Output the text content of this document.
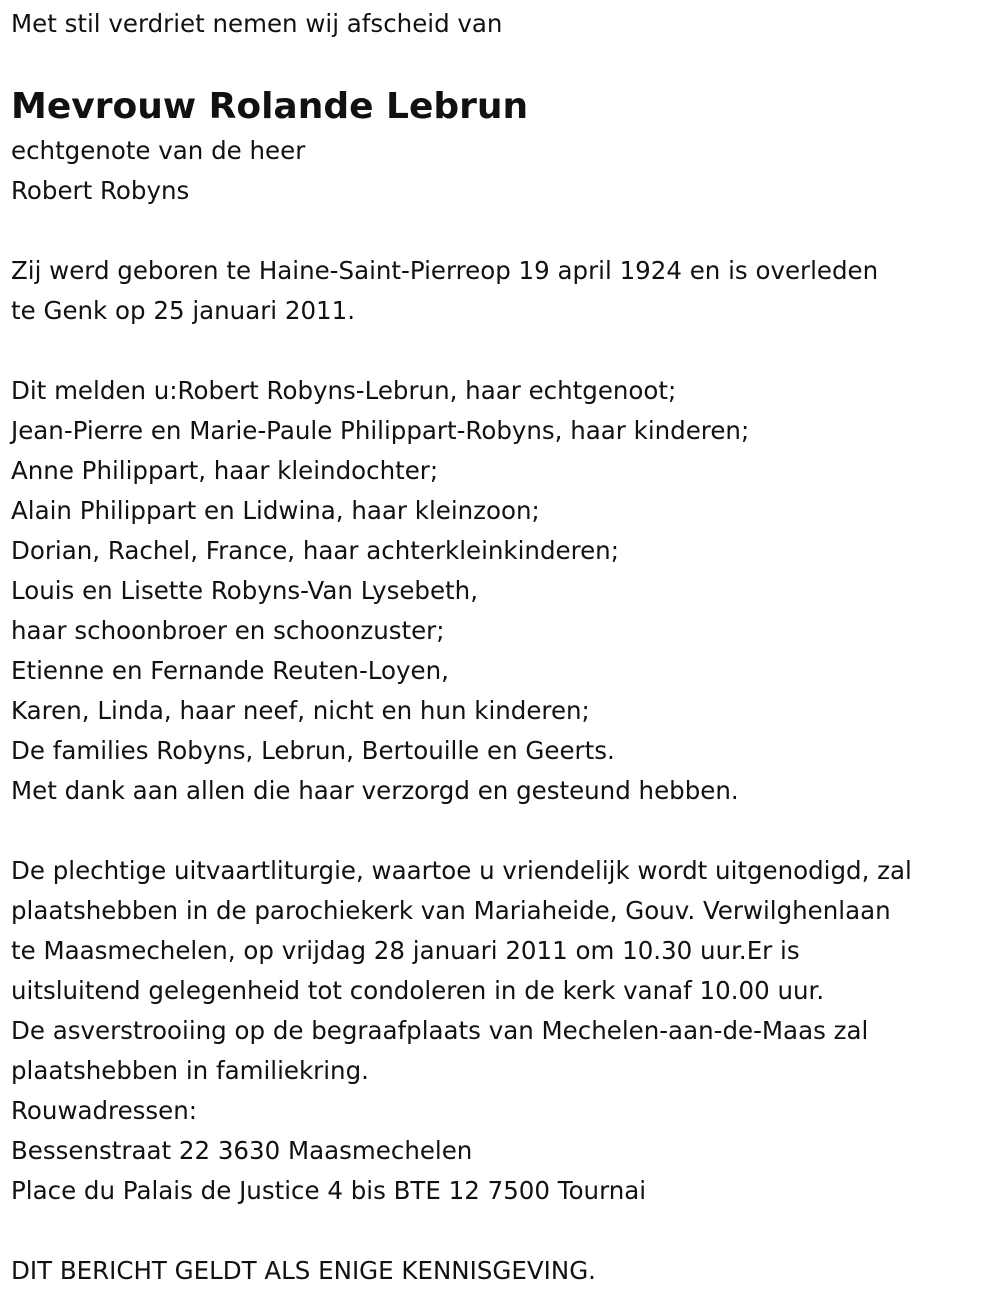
Met stil verdriet nemen wij afscheid van
Mevrouw Rolande Lebrun
echtgenote van de heer
Robert Robyns
Zij werd geboren te Haine-Saint-Pierreop 19 april 1924 en is overleden
te Genk op 25 januari 2011.
Dit melden u:Robert Robyns-Lebrun, haar echtgenoot;
Jean-Pierre en Marie-Paule Philippart-Robyns, haar kinderen;
Anne Philippart, haar kleindochter;
Alain Philippart en Lidwina, haar kleinzoon;
Dorian, Rachel, France, haar achterkleinkinderen;
Louis en Lisette Robyns-Van Lysebeth,
haar schoonbroer en schoonzuster;
Etienne en Fernande Reuten-Loyen,
Karen, Linda, haar neef, nicht en hun kinderen;
De families Robyns, Lebrun, Bertouille en Geerts.
Met dank aan allen die haar verzorgd en gesteund hebben.
De plechtige uitvaartliturgie, waartoe u vriendelijk wordt uitgenodigd, zal
plaatshebben in de parochiekerk van Mariaheide, Gouv. Verwilghenlaan
te Maasmechelen, op vrijdag 28 januari 2011 om 10.30 uur.Er is
uitsluitend gelegenheid tot condoleren in de kerk vanaf 10.00 uur.
De asverstrooiing op de begraafplaats van Mechelen-aan-de-Maas zal
plaatshebben in familiekring.
Rouwadressen:
Bessenstraat 22 3630 Maasmechelen
Place du Palais de Justice 4 bis BTE 12 7500 Tournai
DIT BERICHT GELDT ALS ENIGE KENNISGEVING.
